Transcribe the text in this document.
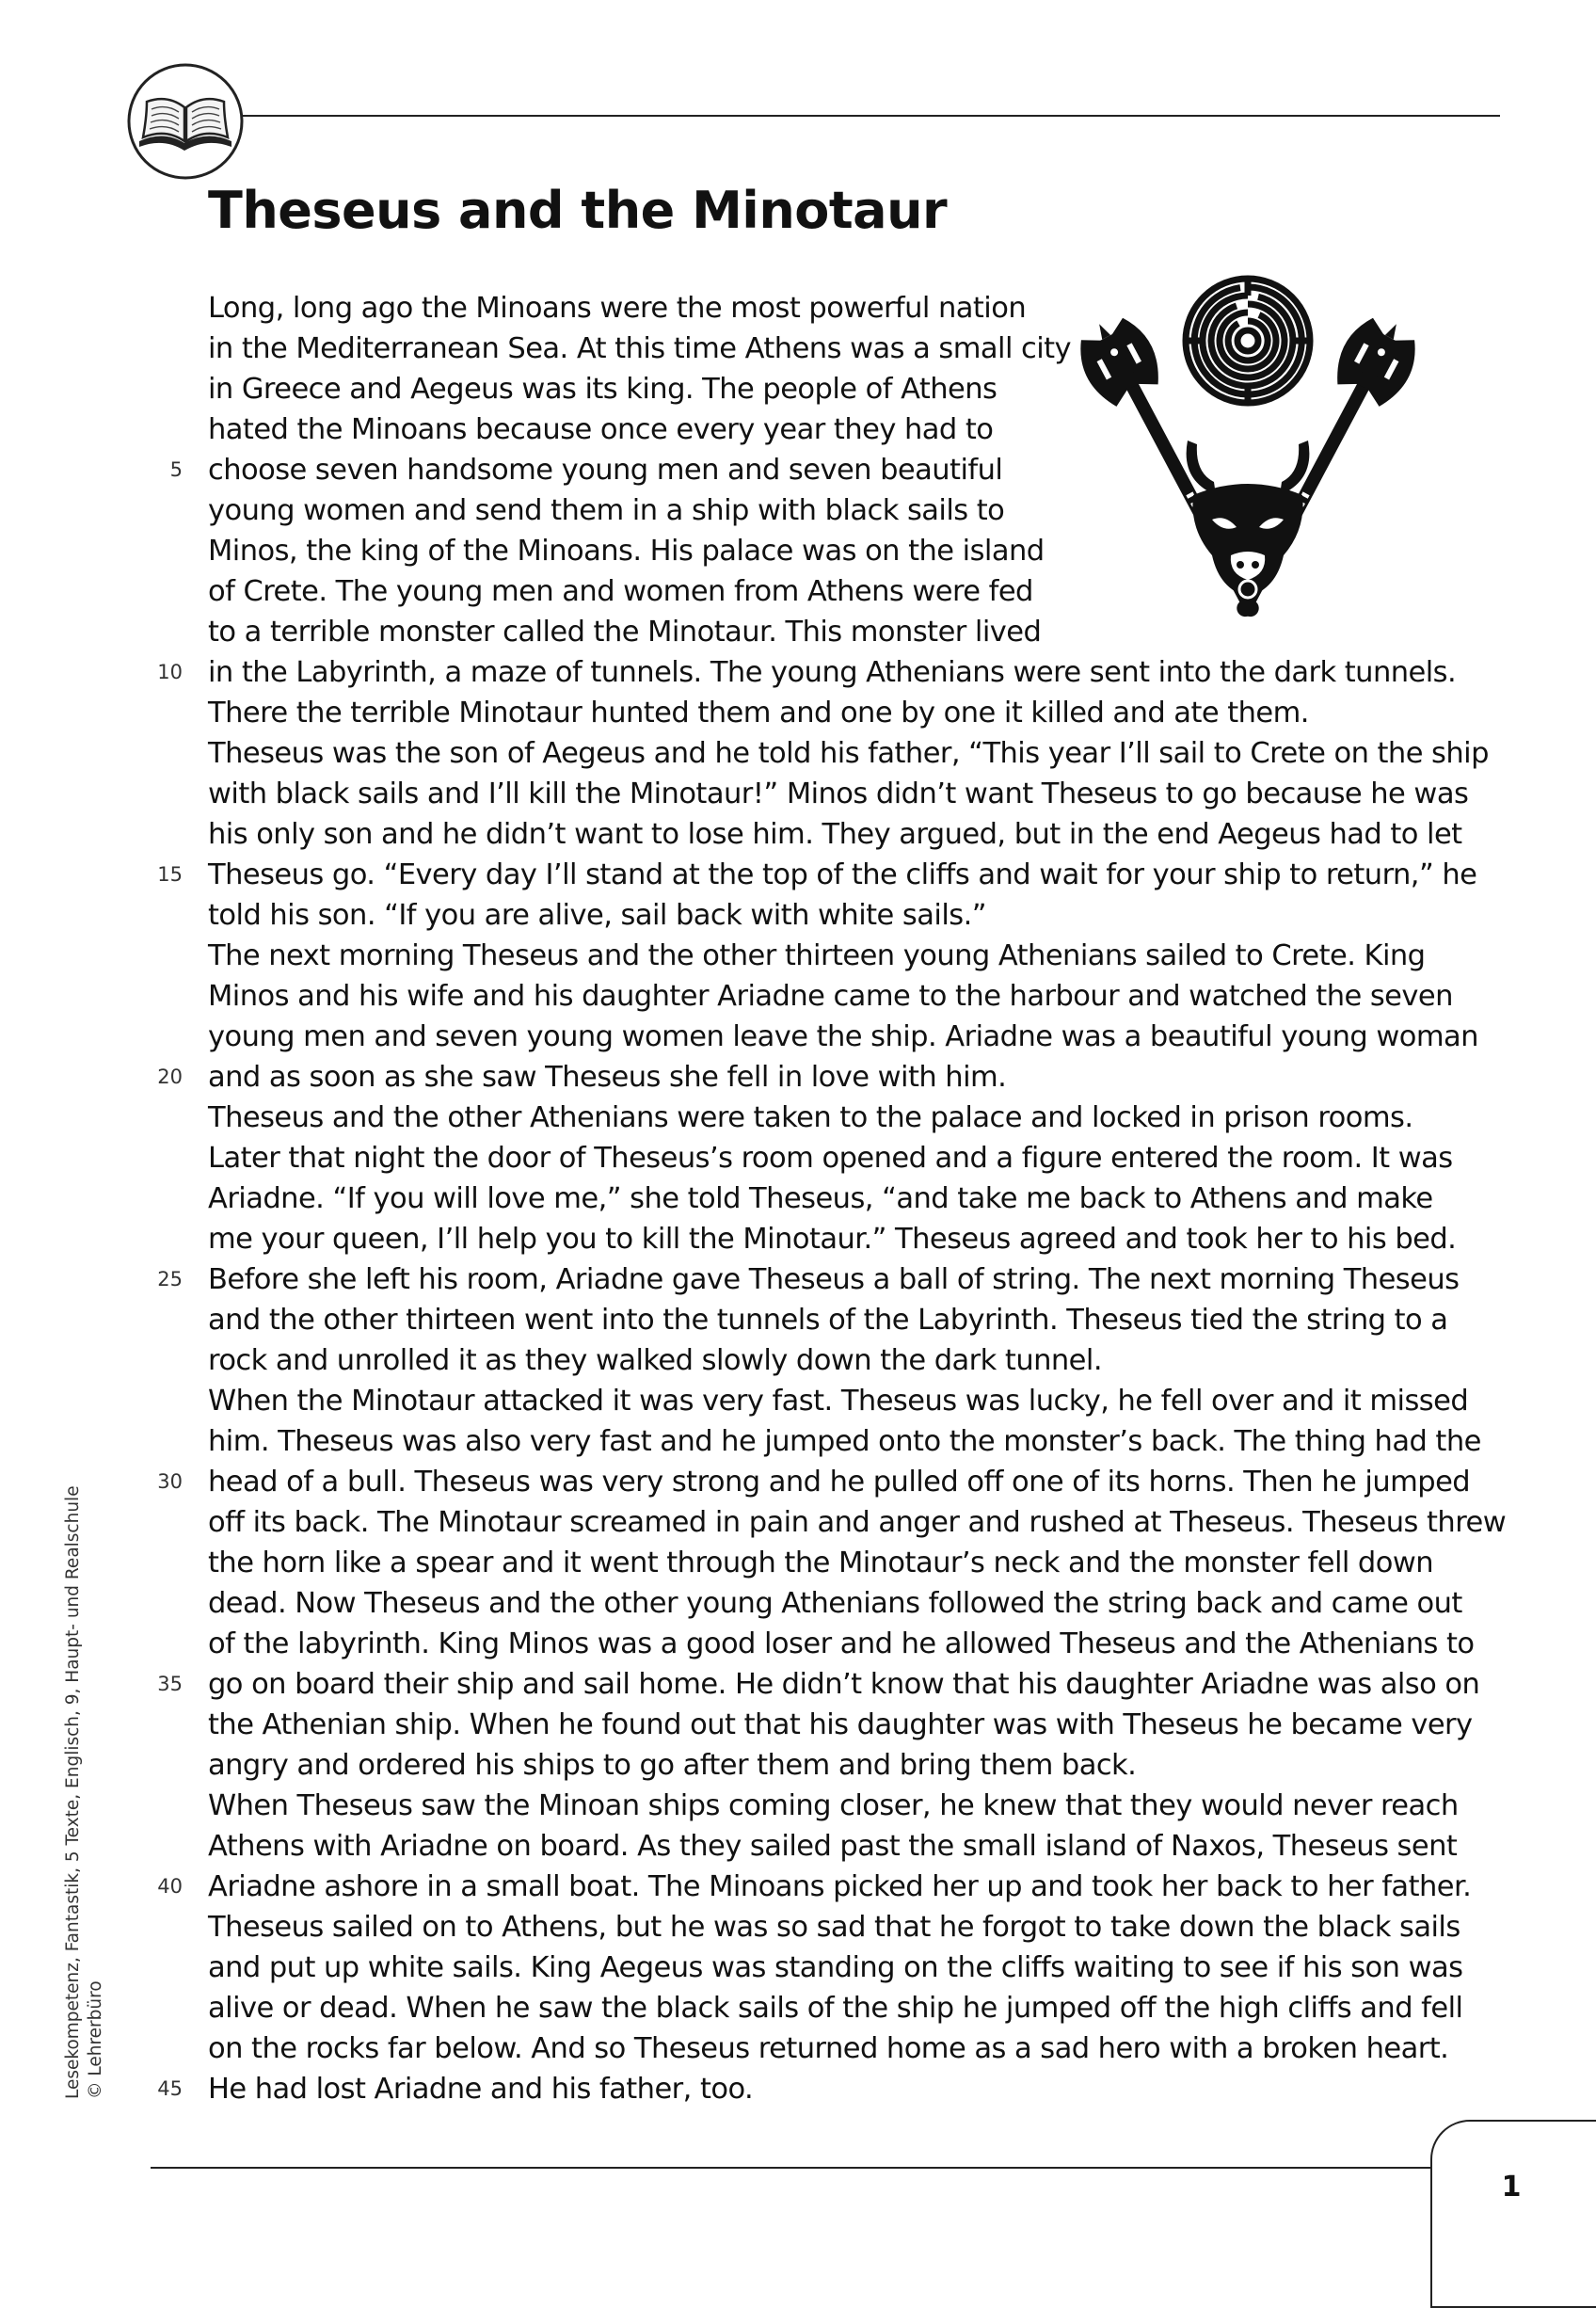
Theseus and the Minotaur
5
10
15
20
25
30
35
40
45
Long, long ago the Minoans were the most powerful nation
in the Mediterranean Sea. At this time Athens was a small city
in Greece and Aegeus was its king. The people of Athens
hated the Minoans because once every year they had to
choose seven handsome young men and seven beautiful
young women and send them in a ship with black sails to
Minos, the king of the Minoans. His palace was on the island
of Crete. The young men and women from Athens were fed
to a terrible monster called the Minotaur. This monster lived
in the Labyrinth, a maze of tunnels. The young Athenians were sent into the dark tunnels.
There the terrible Minotaur hunted them and one by one it killed and ate them.
Theseus was the son of Aegeus and he told his father, “This year I’ll sail to Crete on the ship
with black sails and I’ll kill the Minotaur!” Minos didn’t want Theseus to go because he was
his only son and he didn’t want to lose him. They argued, but in the end Aegeus had to let
Theseus go. “Every day I’ll stand at the top of the cliffs and wait for your ship to return,” he
told his son. “If you are alive, sail back with white sails.”
The next morning Theseus and the other thirteen young Athenians sailed to Crete. King
Minos and his wife and his daughter Ariadne came to the harbour and watched the seven
young men and seven young women leave the ship. Ariadne was a beautiful young woman
and as soon as she saw Theseus she fell in love with him.
Theseus and the other Athenians were taken to the palace and locked in prison rooms.
Later that night the door of Theseus’s room opened and a figure entered the room. It was
Ariadne. “If you will love me,” she told Theseus, “and take me back to Athens and make
me your queen, I’ll help you to kill the Minotaur.” Theseus agreed and took her to his bed.
Before she left his room, Ariadne gave Theseus a ball of string. The next morning Theseus
and the other thirteen went into the tunnels of the Labyrinth. Theseus tied the string to a
rock and unrolled it as they walked slowly down the dark tunnel.
When the Minotaur attacked it was very fast. Theseus was lucky, he fell over and it missed
him. Theseus was also very fast and he jumped onto the monster’s back. The thing had the
head of a bull. Theseus was very strong and he pulled off one of its horns. Then he jumped
off its back. The Minotaur screamed in pain and anger and rushed at Theseus. Theseus threw
the horn like a spear and it went through the Minotaur’s neck and the monster fell down
dead. Now Theseus and the other young Athenians followed the string back and came out
of the labyrinth. King Minos was a good loser and he allowed Theseus and the Athenians to
go on board their ship and sail home. He didn’t know that his daughter Ariadne was also on
the Athenian ship. When he found out that his daughter was with Theseus he became very
angry and ordered his ships to go after them and bring them back.
When Theseus saw the Minoan ships coming closer, he knew that they would never reach
Athens with Ariadne on board. As they sailed past the small island of Naxos, Theseus sent
Ariadne ashore in a small boat. The Minoans picked her up and took her back to her father.
Theseus sailed on to Athens, but he was so sad that he forgot to take down the black sails
and put up white sails. King Aegeus was standing on the cliffs waiting to see if his son was
alive or dead. When he saw the black sails of the ship he jumped off the high cliffs and fell
on the rocks far below. And so Theseus returned home as a sad hero with a broken heart.
He had lost Ariadne and his father, too.
Lesekompetenz, Fantastik, 5 Texte, Englisch, 9, Haupt- und Realschule © Lehrerbüro
1
